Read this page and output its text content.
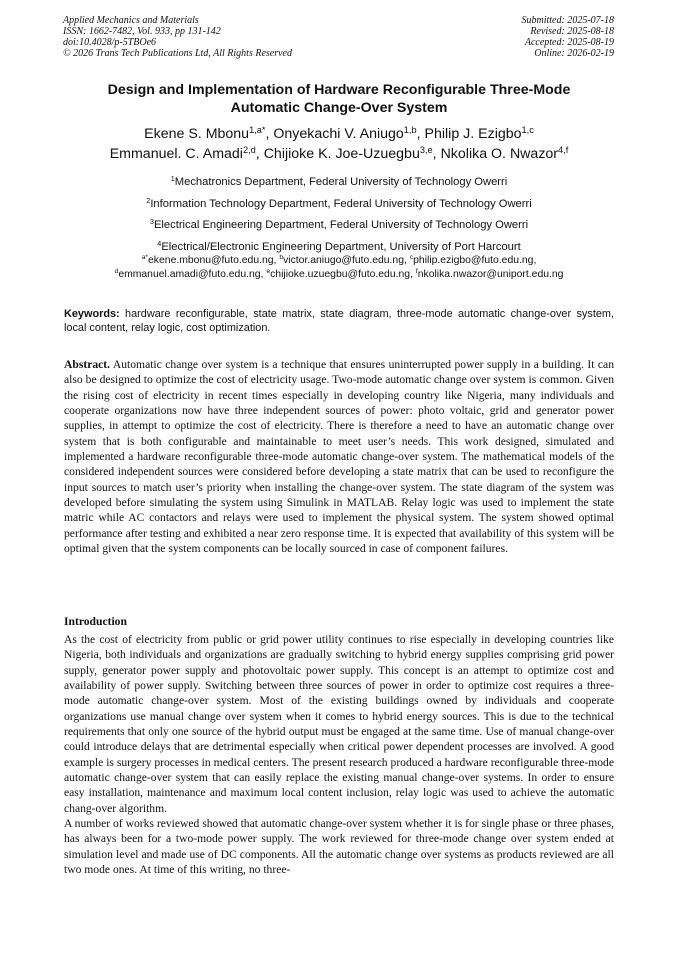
Applied Mechanics and Materials
ISSN: 1662-7482, Vol. 933, pp 131-142
doi:10.4028/p-5TBOe6
© 2026 Trans Tech Publications Ltd, All Rights Reserved
Submitted: 2025-07-18
Revised: 2025-08-18
Accepted: 2025-08-19
Online: 2026-02-19
Design and Implementation of Hardware Reconfigurable Three-Mode
Automatic Change-Over System
Ekene S. Mbonu$^{1,a*}$, Onyekachi V. Aniugo$^{1,b}$, Philip J. Ezigbo$^{1,c}$
Emmanuel. C. Amadi$^{2,d}$, Chijioke K. Joe-Uzuegbu$^{3,e}$, Nkolika O. Nwazor$^{4,f}$
$^1$Mechatronics Department, Federal University of Technology Owerri
$^2$Information Technology Department, Federal University of Technology Owerri
$^3$Electrical Engineering Department, Federal University of Technology Owerri
$^4$Electrical/Electronic Engineering Department, University of Port Harcourt
$^{a*}$ekene.mbonu@futo.edu.ng, $^b$victor.aniugo@futo.edu.ng, $^c$philip.ezigbo@futo.edu.ng,
$^d$emmanuel.amadi@futo.edu.ng, $^e$chijioke.uzuegbu@futo.edu.ng, $^f$nkolika.nwazor@uniport.edu.ng
Keywords: hardware reconfigurable, state matrix, state diagram, three-mode automatic change-over system, local content, relay logic, cost optimization.

Abstract. Automatic change over system is a technique that ensures uninterrupted power supply in a building. It can also be designed to optimize the cost of electricity usage. Two-mode automatic change over system is common. Given the rising cost of electricity in recent times especially in developing country like Nigeria, many individuals and cooperate organizations now have three independent sources of power: photo voltaic, grid and generator power supplies, in attempt to optimize the cost of electricity. There is therefore a need to have an automatic change over system that is both configurable and maintainable to meet user’s needs. This work designed, simulated and implemented a hardware reconfigurable three-mode automatic change-over system. The mathematical models of the considered independent sources were considered before developing a state matrix that can be used to reconfigure the input sources to match user’s priority when installing the change-over system. The state diagram of the system was developed before simulating the system using Simulink in MATLAB. Relay logic was used to implement the state matric while AC contactors and relays were used to implement the physical system. The system showed optimal performance after testing and exhibited a near zero response time. It is expected that availability of this system will be optimal given that the system components can be locally sourced in case of component failures.

Introduction

As the cost of electricity from public or grid power utility continues to rise especially in developing countries like Nigeria, both individuals and organizations are gradually switching to hybrid energy supplies comprising grid power supply, generator power supply and photovoltaic power supply. This concept is an attempt to optimize cost and availability of power supply. Switching between three sources of power in order to optimize cost requires a three-mode automatic change-over system. Most of the existing buildings owned by individuals and cooperate organizations use manual change over system when it comes to hybrid energy sources. This is due to the technical requirements that only one source of the hybrid output must be engaged at the same time. Use of manual change-over could introduce delays that are detrimental especially when critical power dependent processes are involved. A good example is surgery processes in medical centers. The present research produced a hardware reconfigurable three-mode automatic change-over system that can easily replace the existing manual change-over systems. In order to ensure easy installation, maintenance and maximum local content inclusion, relay logic was used to achieve the automatic chang-over algorithm.

A number of works reviewed showed that automatic change-over system whether it is for single phase or three phases, has always been for a two-mode power supply. The work reviewed for three-mode change over system ended at simulation level and made use of DC components. All the automatic change over systems as products reviewed are all two mode ones. At time of this writing, no three-
